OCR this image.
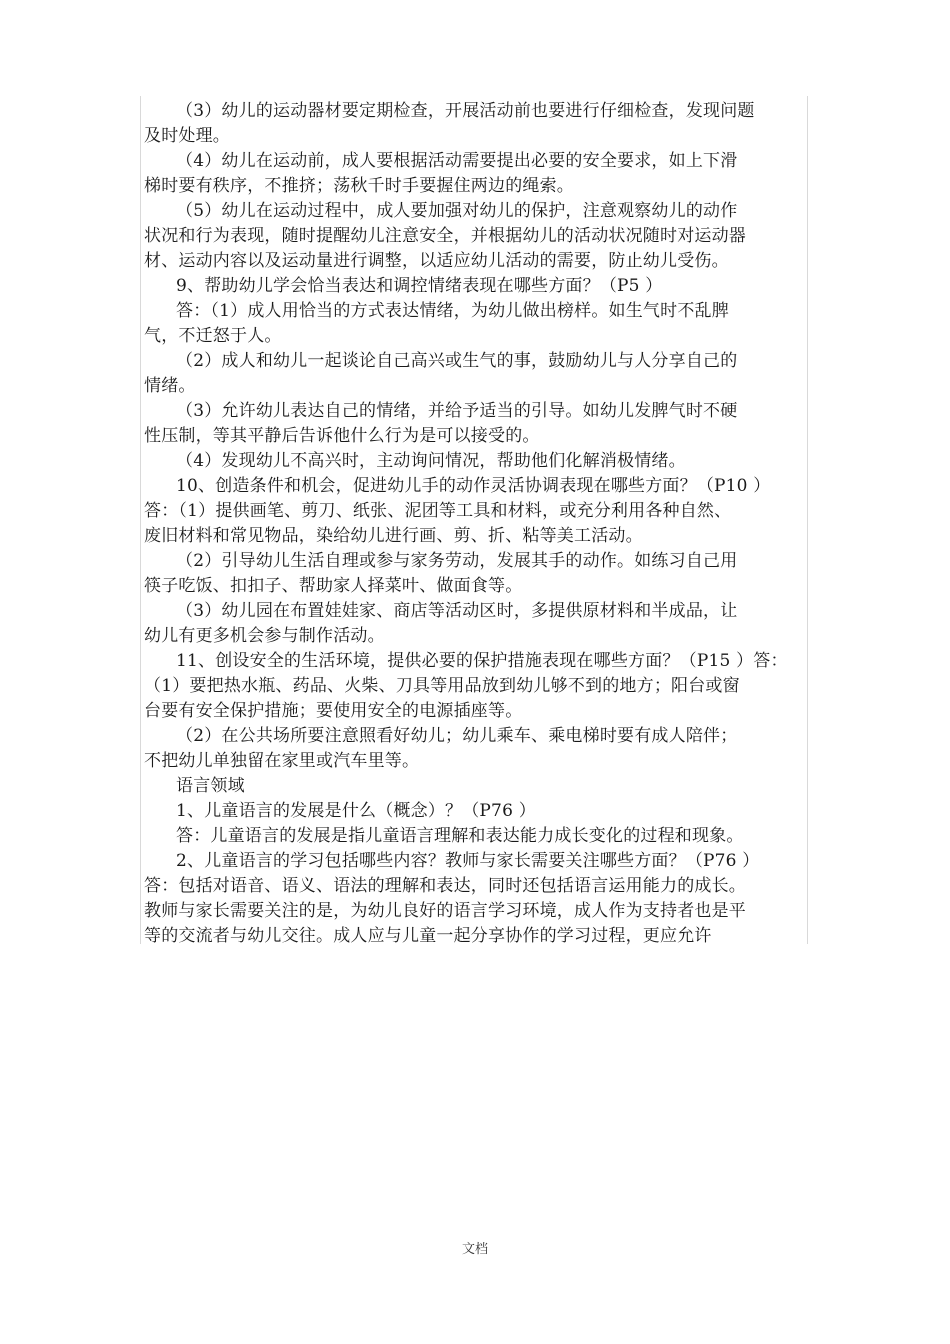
（3）幼儿的运动器材要定期检查，开展活动前也要进行仔细检查，发现问题
及时处理。
（4）幼儿在运动前，成人要根据活动需要提出必要的安全要求，如上下滑
梯时要有秩序，不推挤；荡秋千时手要握住两边的绳索。
（5）幼儿在运动过程中，成人要加强对幼儿的保护，注意观察幼儿的动作
状况和行为表现，随时提醒幼儿注意安全，并根据幼儿的活动状况随时对运动器
材、运动内容以及运动量进行调整，以适应幼儿活动的需要，防止幼儿受伤。
9、帮助幼儿学会恰当表达和调控情绪表现在哪些方面？（P5 ）
答：（1）成人用恰当的方式表达情绪，为幼儿做出榜样。如生气时不乱脾
气，不迁怒于人。
（2）成人和幼儿一起谈论自己高兴或生气的事，鼓励幼儿与人分享自己的
情绪。
（3）允许幼儿表达自己的情绪，并给予适当的引导。如幼儿发脾气时不硬
性压制，等其平静后告诉他什么行为是可以接受的。
（4）发现幼儿不高兴时，主动询问情况，帮助他们化解消极情绪。
10、创造条件和机会，促进幼儿手的动作灵活协调表现在哪些方面？（P10 ）
答：（1）提供画笔、剪刀、纸张、泥团等工具和材料，或充分利用各种自然、
废旧材料和常见物品，染给幼儿进行画、剪、折、粘等美工活动。
（2）引导幼儿生活自理或参与家务劳动，发展其手的动作。如练习自己用
筷子吃饭、扣扣子、帮助家人择菜叶、做面食等。
（3）幼儿园在布置娃娃家、商店等活动区时，多提供原材料和半成品，让
幼儿有更多机会参与制作活动。
11、创设安全的生活环境，提供必要的保护措施表现在哪些方面？（P15 ）答：
（1）要把热水瓶、药品、火柴、刀具等用品放到幼儿够不到的地方；阳台或窗
台要有安全保护措施；要使用安全的电源插座等。
（2）在公共场所要注意照看好幼儿；幼儿乘车、乘电梯时要有成人陪伴；
不把幼儿单独留在家里或汽车里等。
语言领域
1、儿童语言的发展是什么（概念）？（P76 ）
答：儿童语言的发展是指儿童语言理解和表达能力成长变化的过程和现象。
2、儿童语言的学习包括哪些内容？教师与家长需要关注哪些方面？（P76 ）
答：包括对语音、语义、语法的理解和表达，同时还包括语言运用能力的成长。
教师与家长需要关注的是，为幼儿良好的语言学习环境，成人作为支持者也是平
等的交流者与幼儿交往。成人应与儿童一起分享协作的学习过程，更应允许
文档
